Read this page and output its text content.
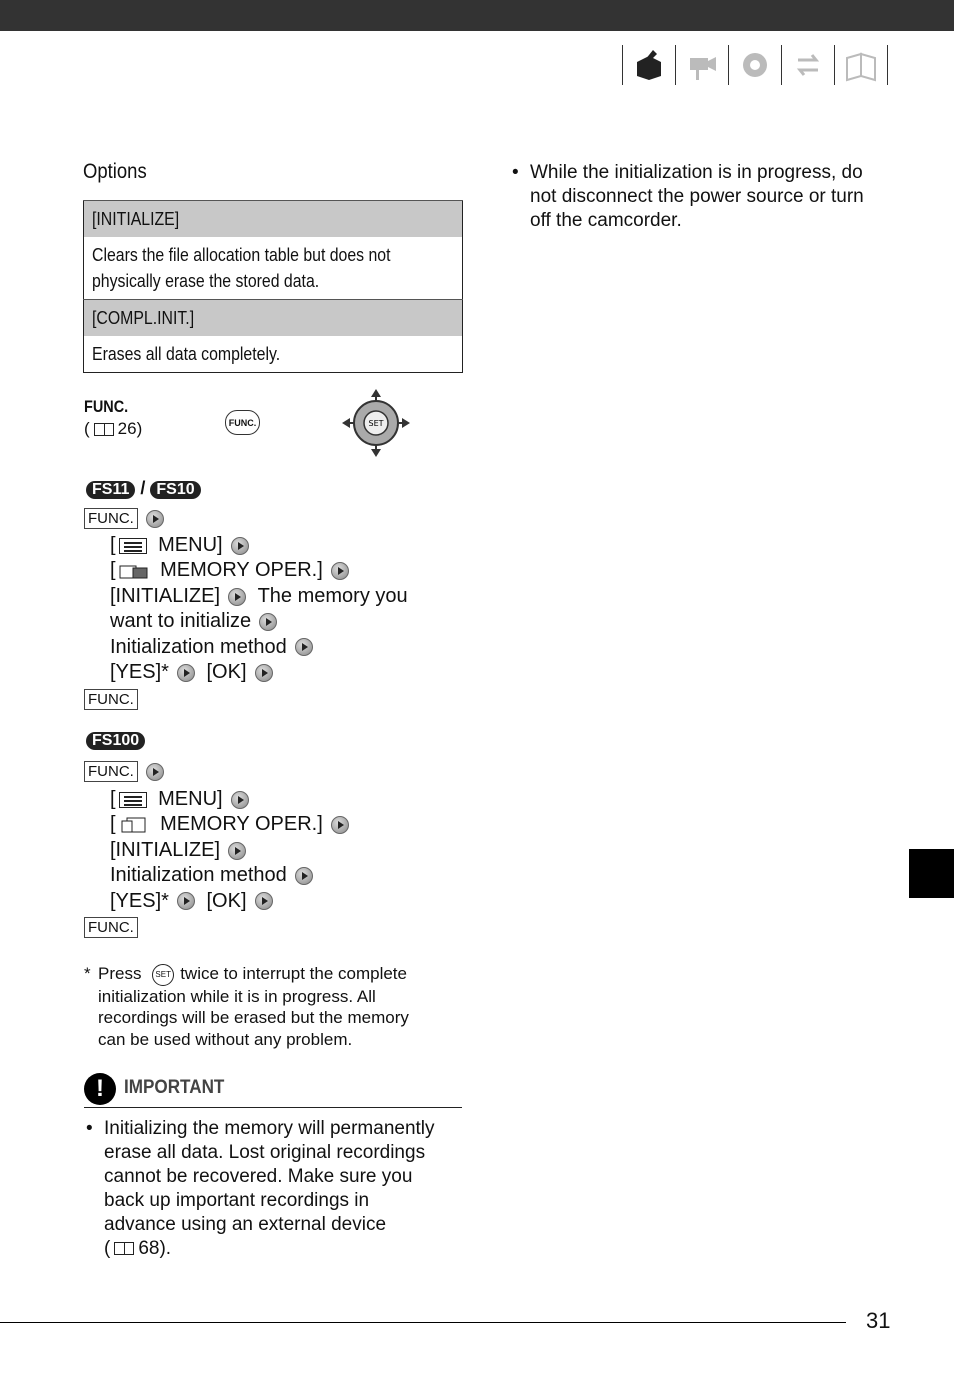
Options
[INITIALIZE]
Clears the file allocation table but does not
physically erase the stored data.
[COMPL.INIT.]
Erases all data completely.
FUNC.
( 26)	FUNC.	SET
FS11 / FS10
FUNC.
[ MENU]
[ MEMORY OPER.]
[INITIALIZE] The memory you
want to initialize
Initialization method
[YES]* [OK]
FUNC.
FS100
FUNC.
[ MENU]
[ MEMORY OPER.]
[INITIALIZE]
Initialization method
[YES]* [OK]
FUNC.
* Press SET twice to interrupt the complete
initialization while it is in progress. All
recordings will be erased but the memory
can be used without any problem.
!	IMPORTANT
• Initializing the memory will permanently
erase all data. Lost original recordings
cannot be recovered. Make sure you
back up important recordings in
advance using an external device
( 68).
• While the initialization is in progress, do
not disconnect the power source or turn
off the camcorder.
31
